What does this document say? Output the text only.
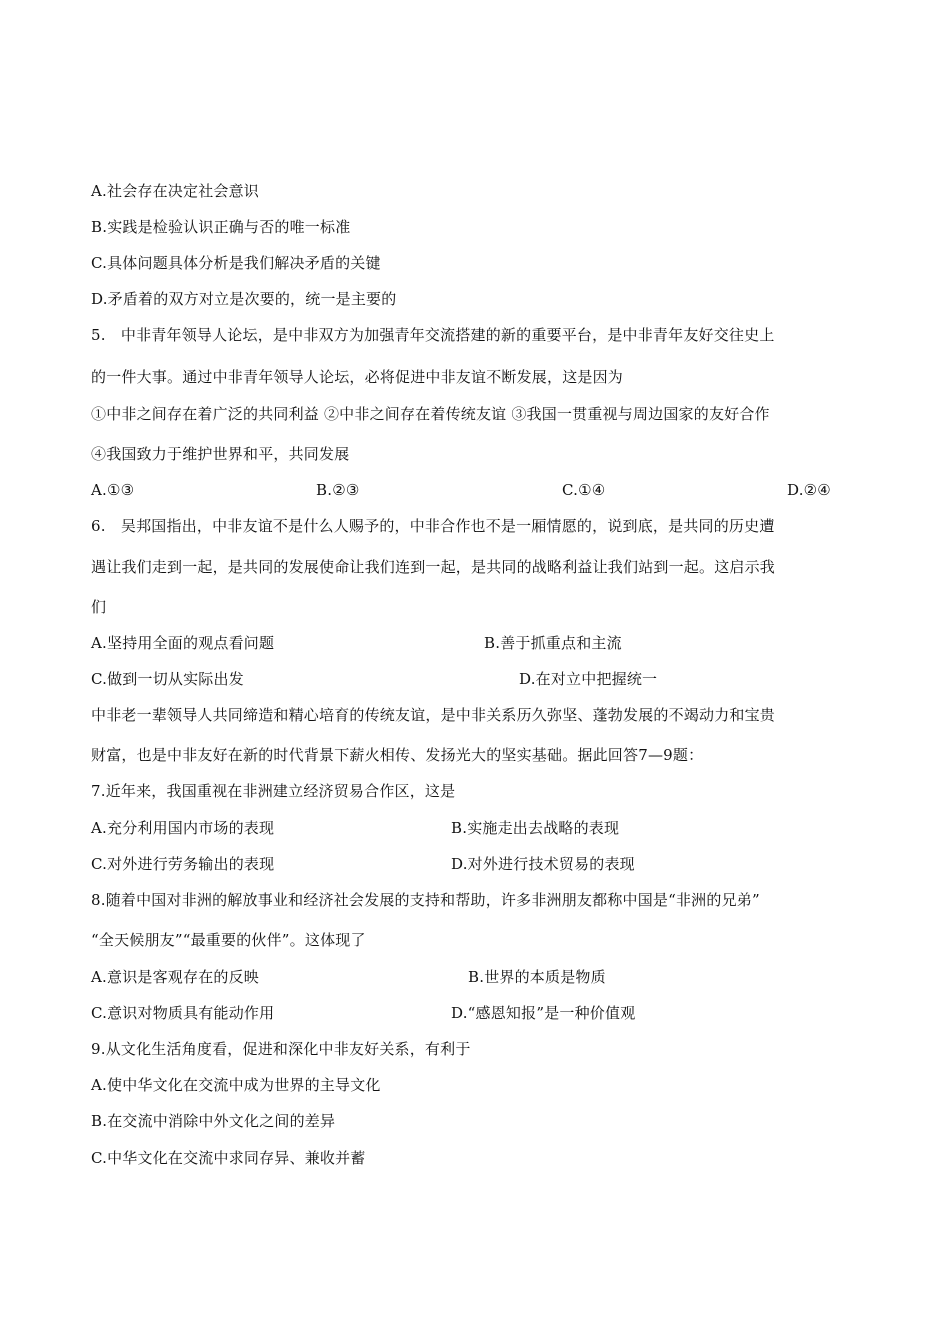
A.社会存在决定社会意识
B.实践是检验认识正确与否的唯一标准
C.具体问题具体分析是我们解决矛盾的关键
D.矛盾着的双方对立是次要的，统一是主要的
5.　中非青年领导人论坛，是中非双方为加强青年交流搭建的新的重要平台，是中非青年友好交往史上
的一件大事。通过中非青年领导人论坛，必将促进中非友谊不断发展，这是因为
①中非之间存在着广泛的共同利益 ②中非之间存在着传统友谊 ③我国一贯重视与周边国家的友好合作
④我国致力于维护世界和平，共同发展
A.①③	B.②③	C.①④	D.②④
6.　吴邦国指出，中非友谊不是什么人赐予的，中非合作也不是一厢情愿的，说到底，是共同的历史遭
遇让我们走到一起，是共同的发展使命让我们连到一起，是共同的战略利益让我们站到一起。这启示我
们
A.坚持用全面的观点看问题	B.善于抓重点和主流
C.做到一切从实际出发	D.在对立中把握统一
中非老一辈领导人共同缔造和精心培育的传统友谊，是中非关系历久弥坚、蓬勃发展的不竭动力和宝贵
财富，也是中非友好在新的时代背景下薪火相传、发扬光大的坚实基础。据此回答7—9题：
7.近年来，我国重视在非洲建立经济贸易合作区，这是
A.充分利用国内市场的表现	B.实施走出去战略的表现
C.对外进行劳务输出的表现	D.对外进行技术贸易的表现
8.随着中国对非洲的解放事业和经济社会发展的支持和帮助，许多非洲朋友都称中国是“非洲的兄弟”
“全天候朋友”“最重要的伙伴”。这体现了
A.意识是客观存在的反映	B.世界的本质是物质
C.意识对物质具有能动作用	D.“感恩知报”是一种价值观
9.从文化生活角度看，促进和深化中非友好关系，有利于
A.使中华文化在交流中成为世界的主导文化
B.在交流中消除中外文化之间的差异
C.中华文化在交流中求同存异、兼收并蓄
